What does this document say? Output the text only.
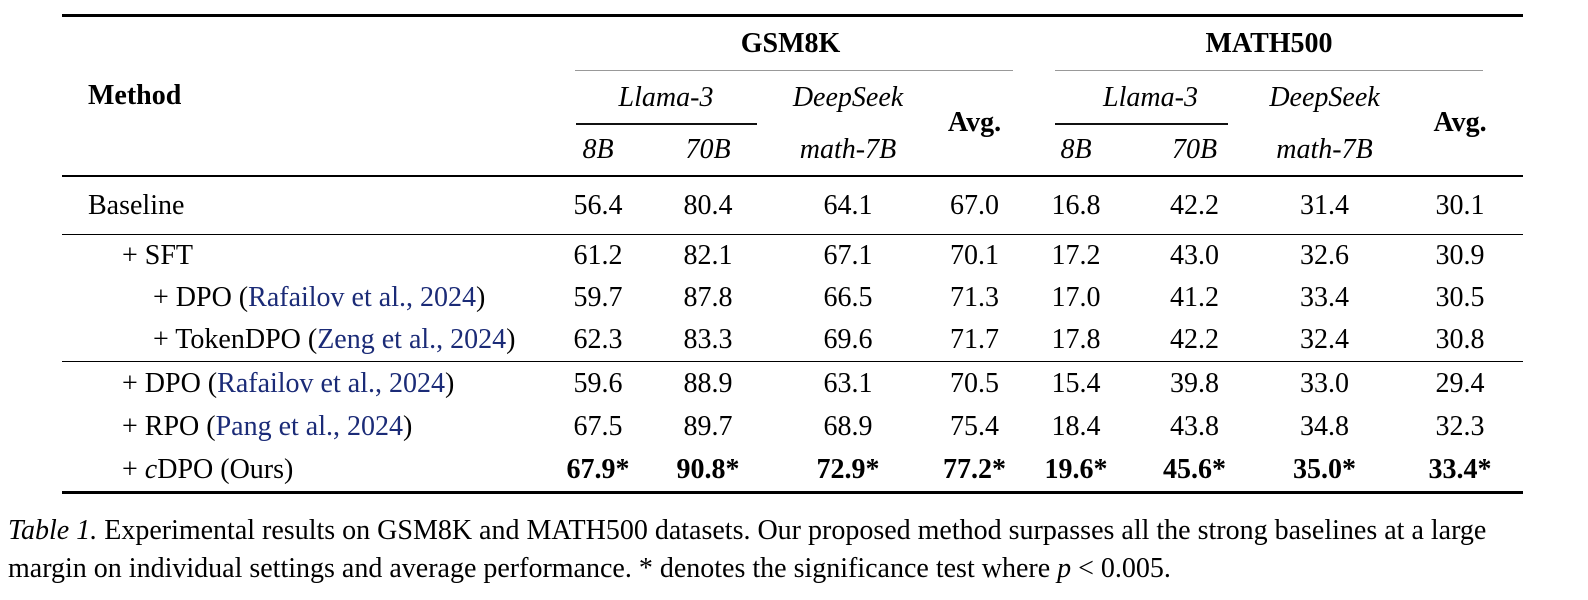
Method	GSM8K				MATH500			
	Llama-3		DeepSeek	Avg.	Llama-3		DeepSeek	Avg.
	8B	70B	math-7B		8B	70B	math-7B	
Baseline	56.4	80.4	64.1	67.0	16.8	42.2	31.4	30.1
+ SFT	61.2	82.1	67.1	70.1	17.2	43.0	32.6	30.9
+ DPO (Rafailov et al., 2024)	59.7	87.8	66.5	71.3	17.0	41.2	33.4	30.5
+ TokenDPO (Zeng et al., 2024)	62.3	83.3	69.6	71.7	17.8	42.2	32.4	30.8
+ DPO (Rafailov et al., 2024)	59.6	88.9	63.1	70.5	15.4	39.8	33.0	29.4
+ RPO (Pang et al., 2024)	67.5	89.7	68.9	75.4	18.4	43.8	34.8	32.3
+ cDPO (Ours)	67.9*	90.8*	72.9*	77.2*	19.6*	45.6*	35.0*	33.4*
Table 1. Experimental results on GSM8K and MATH500 datasets. Our proposed method surpasses all the strong baselines at a large
margin on individual settings and average performance. * denotes the significance test where p < 0.005.
